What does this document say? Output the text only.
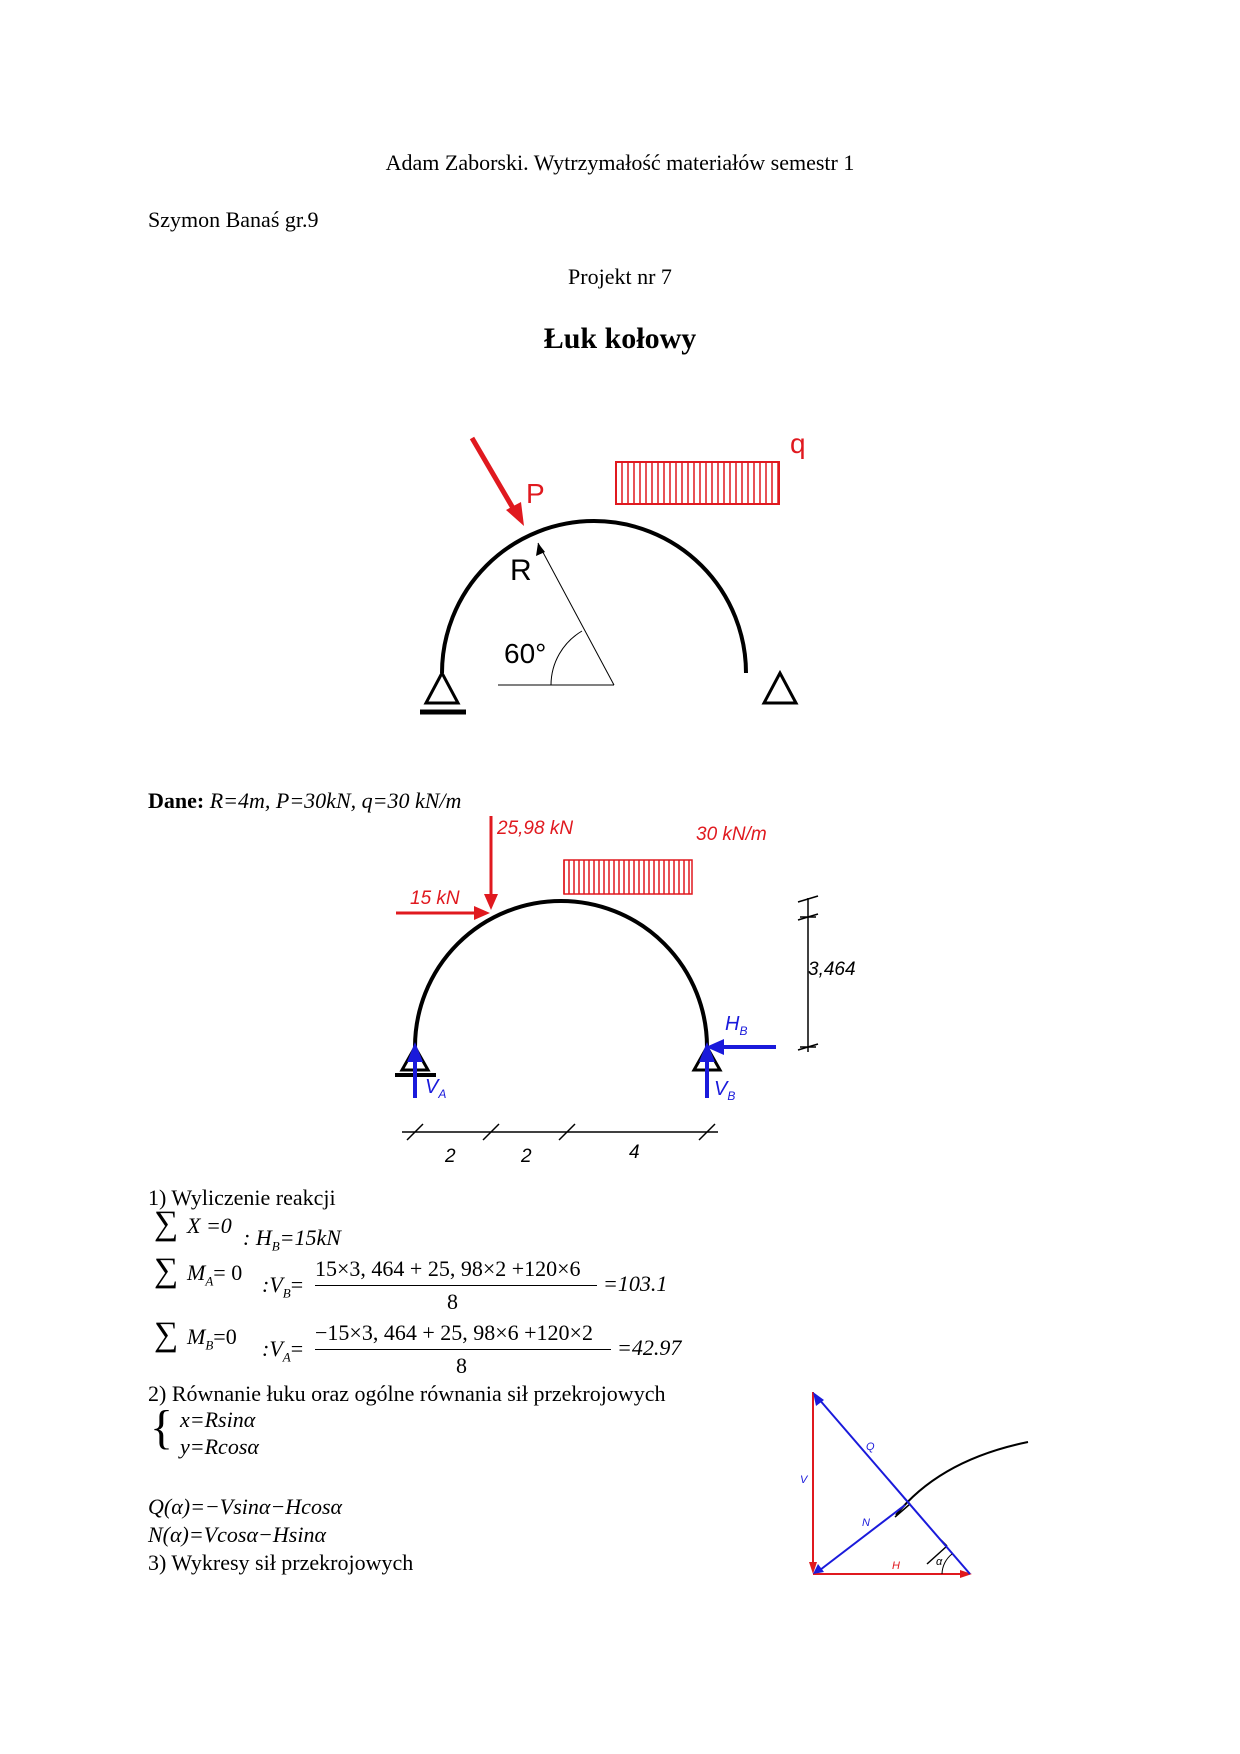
Adam Zaborski. Wytrzymałość materiałów semestr 1
Szymon Banaś gr.9
Projekt nr 7
Łuk kołowy
P
q
R
60°
Dane: R=4m, P=30kN, q=30 kN/m
25,98 kN
15 kN
30 kN/m
3,464
$H_B$
$V_A$	$V_B$
2	2	4
1) Wyliczenie reakcji
∑ X =0 : $H_B=15kN$
∑ $M_A= 0$ $:V_B=$
15×3, 464 + 25, 98×2 +120×6
8
=103.1
∑ $M_B=0$ $:V_A=$
−15×3, 464 + 25, 98×6 +120×2
8
=42.97
2) Równanie łuku oraz ogólne równania sił przekrojowych
{ x=Rsinα
y=Rcosα
Q(α)=−Vsinα−Hcosα
N(α)=Vcosα−Hsinα
3) Wykresy sił przekrojowych
Q
V
N
H	α
